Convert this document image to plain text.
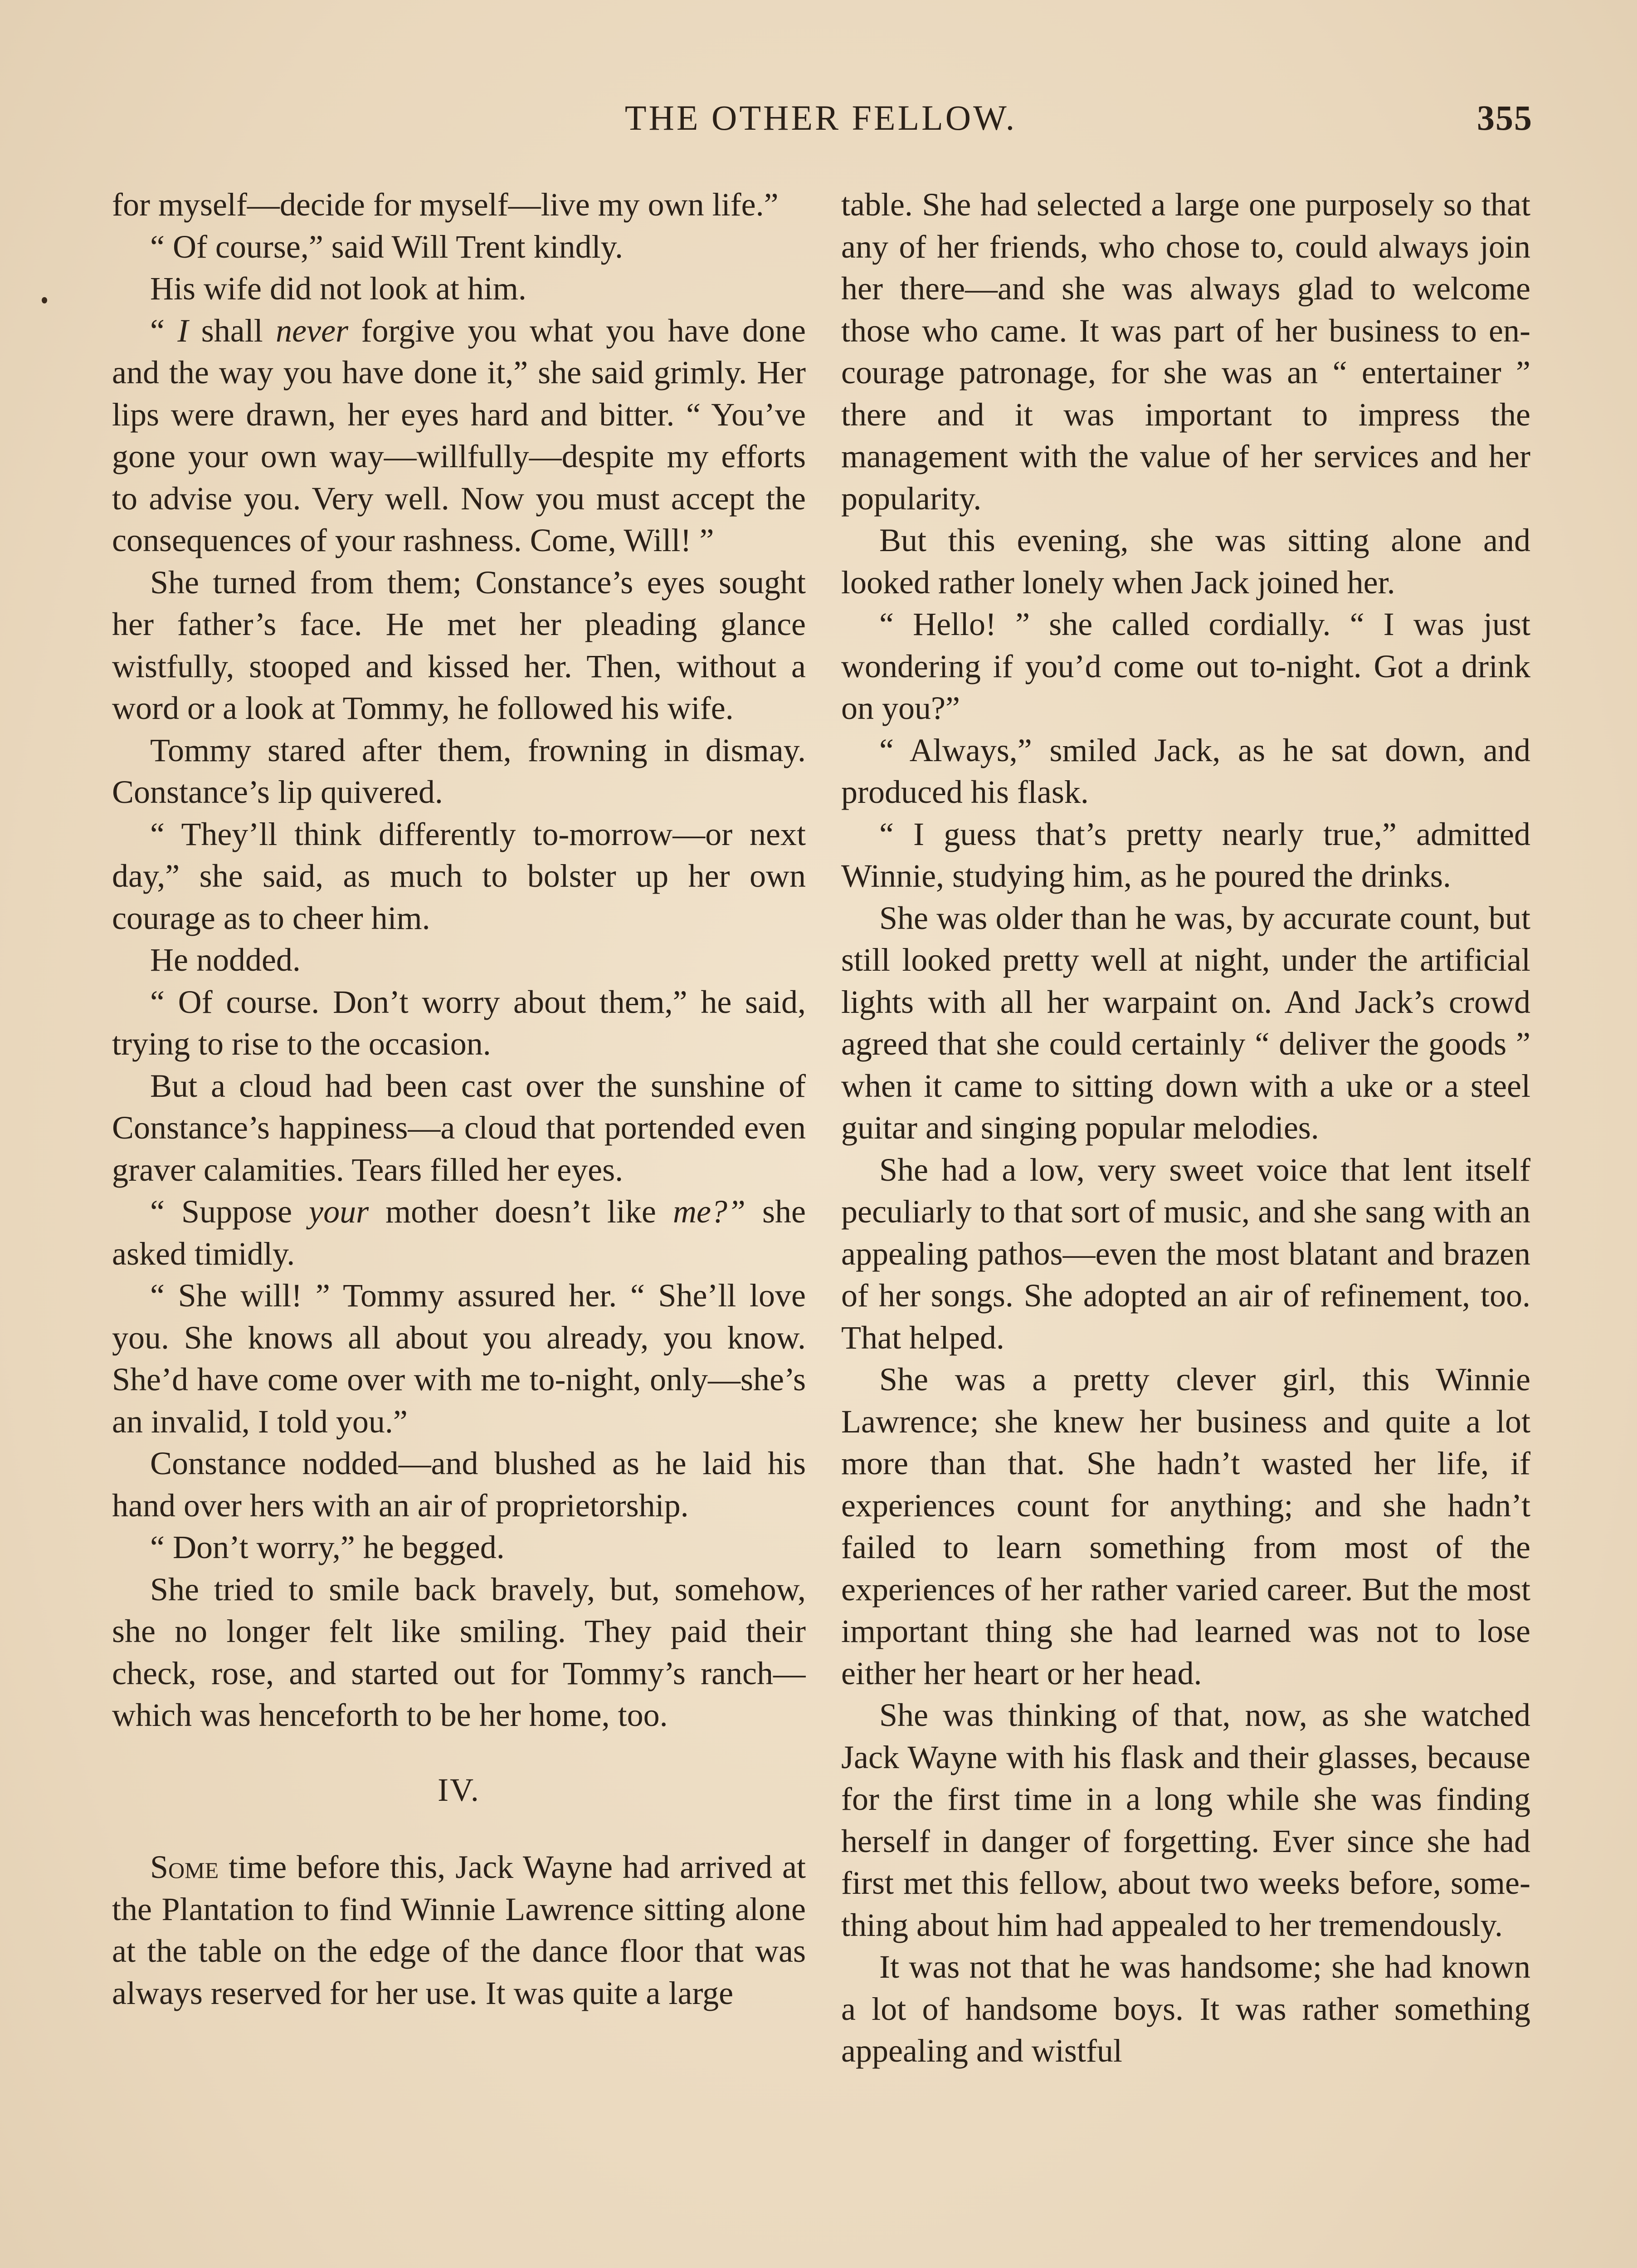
THE OTHER FELLOW.	355

for myself—decide for myself—live my own life.”

“ Of course,” said Will Trent kindly.

His wife did not look at him.

“ I shall never forgive you what you have done and the way you have done it,” she said grimly. Her lips were drawn, her eyes hard and bitter. “ You’ve gone your own way—willfully—despite my efforts to advise you. Very well. Now you must accept the consequences of your rashness. Come, Will! ”

She turned from them; Constance’s eyes sought her father’s face. He met her pleading glance wistfully, stooped and kissed her. Then, without a word or a look at Tommy, he followed his wife.

Tommy stared after them, frowning in dismay. Constance’s lip quivered.

“ They’ll think differently to-morrow—or next day,” she said, as much to bolster up her own courage as to cheer him.

He nodded.

“ Of course. Don’t worry about them,” he said, trying to rise to the occasion.

But a cloud had been cast over the sunshine of Constance’s happiness—a cloud that portended even graver calamities. Tears filled her eyes.

“ Suppose your mother doesn’t like me?” she asked timidly.

“ She will! ” Tommy assured her. “ She’ll love you. She knows all about you already, you know. She’d have come over with me to-night, only—she’s an invalid, I told you.”

Constance nodded—and blushed as he laid his hand over hers with an air of proprietorship.

“ Don’t worry,” he begged.

She tried to smile back bravely, but, somehow, she no longer felt like smiling. They paid their check, rose, and started out for Tommy’s ranch—which was henceforth to be her home, too.

IV.

Some time before this, Jack Wayne had arrived at the Plantation to find Winnie Lawrence sitting alone at the table on the edge of the dance floor that was always reserved for her use. It was quite a large

table. She had selected a large one purposely so that any of her friends, who chose to, could always join her there—and she was always glad to welcome those who came. It was part of her business to encourage patronage, for she was an “ entertainer ” there and it was important to impress the management with the value of her services and her popularity.

But this evening, she was sitting alone and looked rather lonely when Jack joined her.

“ Hello! ” she called cordially. “ I was just wondering if you’d come out to-night. Got a drink on you?”

“ Always,” smiled Jack, as he sat down, and produced his flask.

“ I guess that’s pretty nearly true,” admitted Winnie, studying him, as he poured the drinks.

She was older than he was, by accurate count, but still looked pretty well at night, under the artificial lights with all her warpaint on. And Jack’s crowd agreed that she could certainly “ deliver the goods ” when it came to sitting down with a uke or a steel guitar and singing popular melodies.

She had a low, very sweet voice that lent itself peculiarly to that sort of music, and she sang with an appealing pathos—even the most blatant and brazen of her songs. She adopted an air of refinement, too. That helped.

She was a pretty clever girl, this Winnie Lawrence; she knew her business and quite a lot more than that. She hadn’t wasted her life, if experiences count for anything; and she hadn’t failed to learn something from most of the experiences of her rather varied career. But the most important thing she had learned was not to lose either her heart or her head.

She was thinking of that, now, as she watched Jack Wayne with his flask and their glasses, because for the first time in a long while she was finding herself in danger of forgetting. Ever since she had first met this fellow, about two weeks before, something about him had appealed to her tremendously.

It was not that he was handsome; she had known a lot of handsome boys. It was rather something appealing and wistful
